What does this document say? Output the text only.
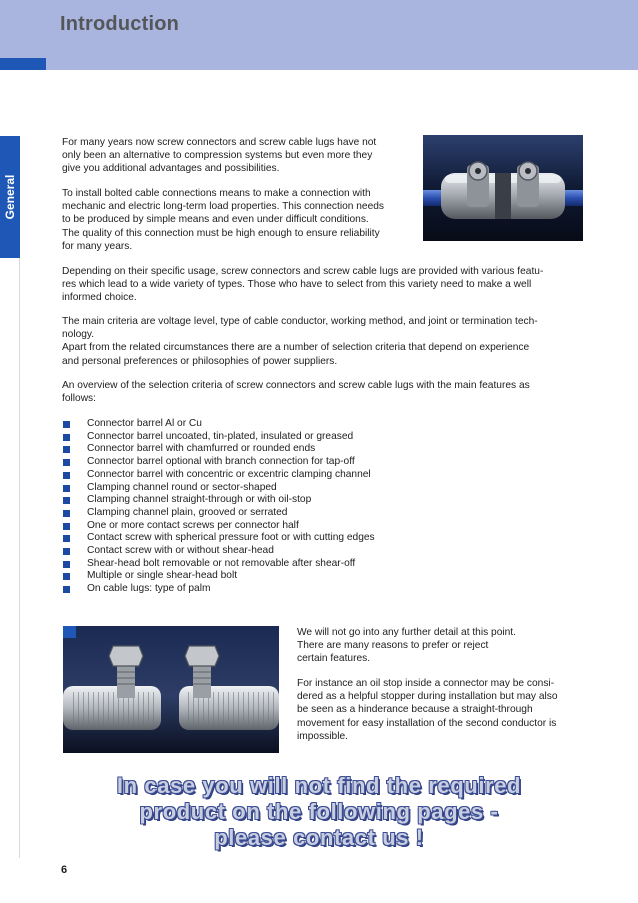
Introduction
General

For many years now screw connectors and screw cable lugs have not
only been an alternative to compression systems but even more they
give you additional advantages and possibilities.

To install bolted cable connections means to make a connection with
mechanic and electric long-term load properties. This connection needs
to be produced by simple means and even under difficult conditions.
The quality of this connection must be high enough to ensure reliability
for many years.

Depending on their specific usage, screw connectors and screw cable lugs are provided with various featu-
res which lead to a wide variety of types. Those who have to select from this variety need to make a well
informed choice.

The main criteria are voltage level, type of cable conductor, working method, and joint or termination tech-
nology.
Apart from the related circumstances there are a number of selection criteria that depend on experience
and personal preferences or philosophies of power suppliers.

An overview of the selection criteria of screw connectors and screw cable lugs with the main features as
follows:

Connector barrel Al or Cu
Connector barrel uncoated, tin-plated, insulated or greased
Connector barrel with chamfurred or rounded ends
Connector barrel optional with branch connection for tap-off
Connector barrel with concentric or excentric clamping channel
Clamping channel round or sector-shaped
Clamping channel straight-through or with oil-stop
Clamping channel plain, grooved or serrated
One or more contact screws per connector half
Contact screw with spherical pressure foot or with cutting edges
Contact screw with or without shear-head
Shear-head bolt removable or not removable after shear-off
Multiple or single shear-head bolt
On cable lugs: type of palm

We will not go into any further detail at this point.
There are many reasons to prefer or reject
certain features.

For instance an oil stop inside a connector may be consi-
dered as a helpful stopper during installation but may also
be seen as a hinderance because a straight-through
movement for easy installation of the second conductor is
impossible.

In case you will not find the required
product on the following pages -
please contact us !
6
